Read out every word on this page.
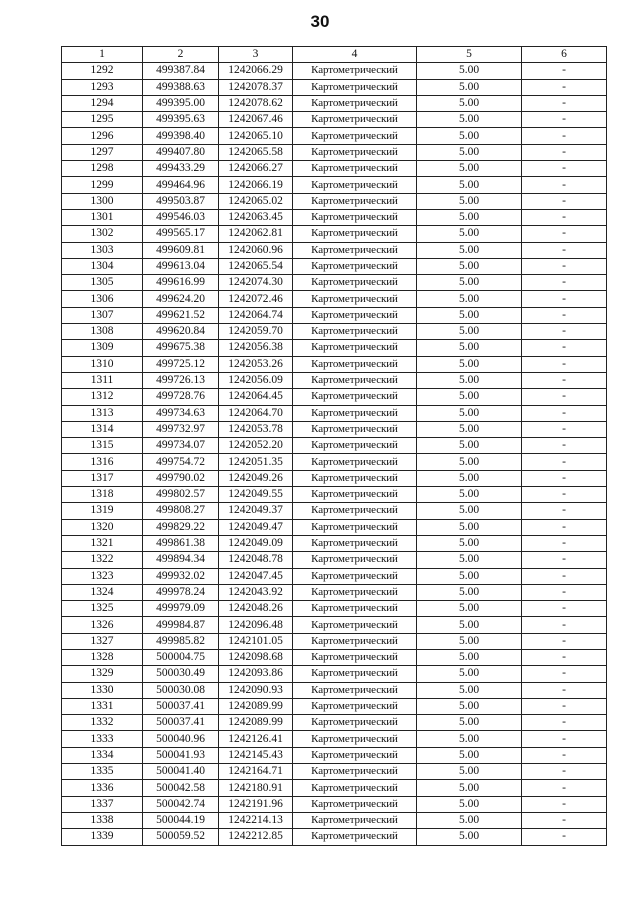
30
1	2	3	4	5	6
1292	499387.84	1242066.29	Картометрический	5.00	-
1293	499388.63	1242078.37	Картометрический	5.00	-
1294	499395.00	1242078.62	Картометрический	5.00	-
1295	499395.63	1242067.46	Картометрический	5.00	-
1296	499398.40	1242065.10	Картометрический	5.00	-
1297	499407.80	1242065.58	Картометрический	5.00	-
1298	499433.29	1242066.27	Картометрический	5.00	-
1299	499464.96	1242066.19	Картометрический	5.00	-
1300	499503.87	1242065.02	Картометрический	5.00	-
1301	499546.03	1242063.45	Картометрический	5.00	-
1302	499565.17	1242062.81	Картометрический	5.00	-
1303	499609.81	1242060.96	Картометрический	5.00	-
1304	499613.04	1242065.54	Картометрический	5.00	-
1305	499616.99	1242074.30	Картометрический	5.00	-
1306	499624.20	1242072.46	Картометрический	5.00	-
1307	499621.52	1242064.74	Картометрический	5.00	-
1308	499620.84	1242059.70	Картометрический	5.00	-
1309	499675.38	1242056.38	Картометрический	5.00	-
1310	499725.12	1242053.26	Картометрический	5.00	-
1311	499726.13	1242056.09	Картометрический	5.00	-
1312	499728.76	1242064.45	Картометрический	5.00	-
1313	499734.63	1242064.70	Картометрический	5.00	-
1314	499732.97	1242053.78	Картометрический	5.00	-
1315	499734.07	1242052.20	Картометрический	5.00	-
1316	499754.72	1242051.35	Картометрический	5.00	-
1317	499790.02	1242049.26	Картометрический	5.00	-
1318	499802.57	1242049.55	Картометрический	5.00	-
1319	499808.27	1242049.37	Картометрический	5.00	-
1320	499829.22	1242049.47	Картометрический	5.00	-
1321	499861.38	1242049.09	Картометрический	5.00	-
1322	499894.34	1242048.78	Картометрический	5.00	-
1323	499932.02	1242047.45	Картометрический	5.00	-
1324	499978.24	1242043.92	Картометрический	5.00	-
1325	499979.09	1242048.26	Картометрический	5.00	-
1326	499984.87	1242096.48	Картометрический	5.00	-
1327	499985.82	1242101.05	Картометрический	5.00	-
1328	500004.75	1242098.68	Картометрический	5.00	-
1329	500030.49	1242093.86	Картометрический	5.00	-
1330	500030.08	1242090.93	Картометрический	5.00	-
1331	500037.41	1242089.99	Картометрический	5.00	-
1332	500037.41	1242089.99	Картометрический	5.00	-
1333	500040.96	1242126.41	Картометрический	5.00	-
1334	500041.93	1242145.43	Картометрический	5.00	-
1335	500041.40	1242164.71	Картометрический	5.00	-
1336	500042.58	1242180.91	Картометрический	5.00	-
1337	500042.74	1242191.96	Картометрический	5.00	-
1338	500044.19	1242214.13	Картометрический	5.00	-
1339	500059.52	1242212.85	Картометрический	5.00	-
